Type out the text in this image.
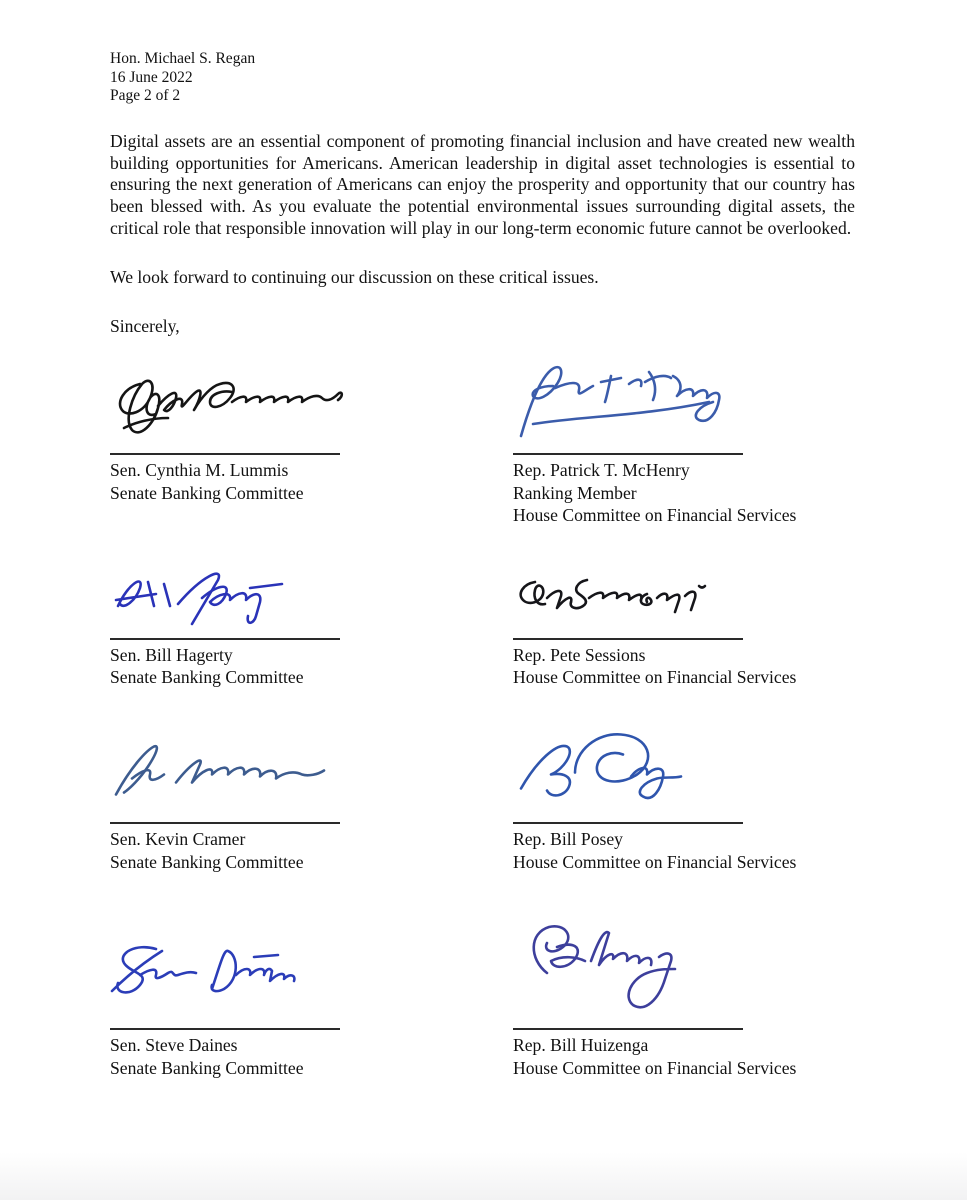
Hon. Michael S. Regan
16 June 2022
Page 2 of 2
Digital assets are an essential component of promoting financial inclusion and have created new wealth building opportunities for Americans. American leadership in digital asset technologies is essential to ensuring the next generation of Americans can enjoy the prosperity and opportunity that our country has been blessed with. As you evaluate the potential environmental issues surrounding digital assets, the critical role that responsible innovation will play in our long-term economic future cannot be overlooked.
We look forward to continuing our discussion on these critical issues.
Sincerely,
Sen. Cynthia M. Lummis
Senate Banking Committee
Rep. Patrick T. McHenry
Ranking Member
House Committee on Financial Services
Sen. Bill Hagerty
Senate Banking Committee
Rep. Pete Sessions
House Committee on Financial Services
Sen. Kevin Cramer
Senate Banking Committee
Rep. Bill Posey
House Committee on Financial Services
Sen. Steve Daines
Senate Banking Committee
Rep. Bill Huizenga
House Committee on Financial Services
